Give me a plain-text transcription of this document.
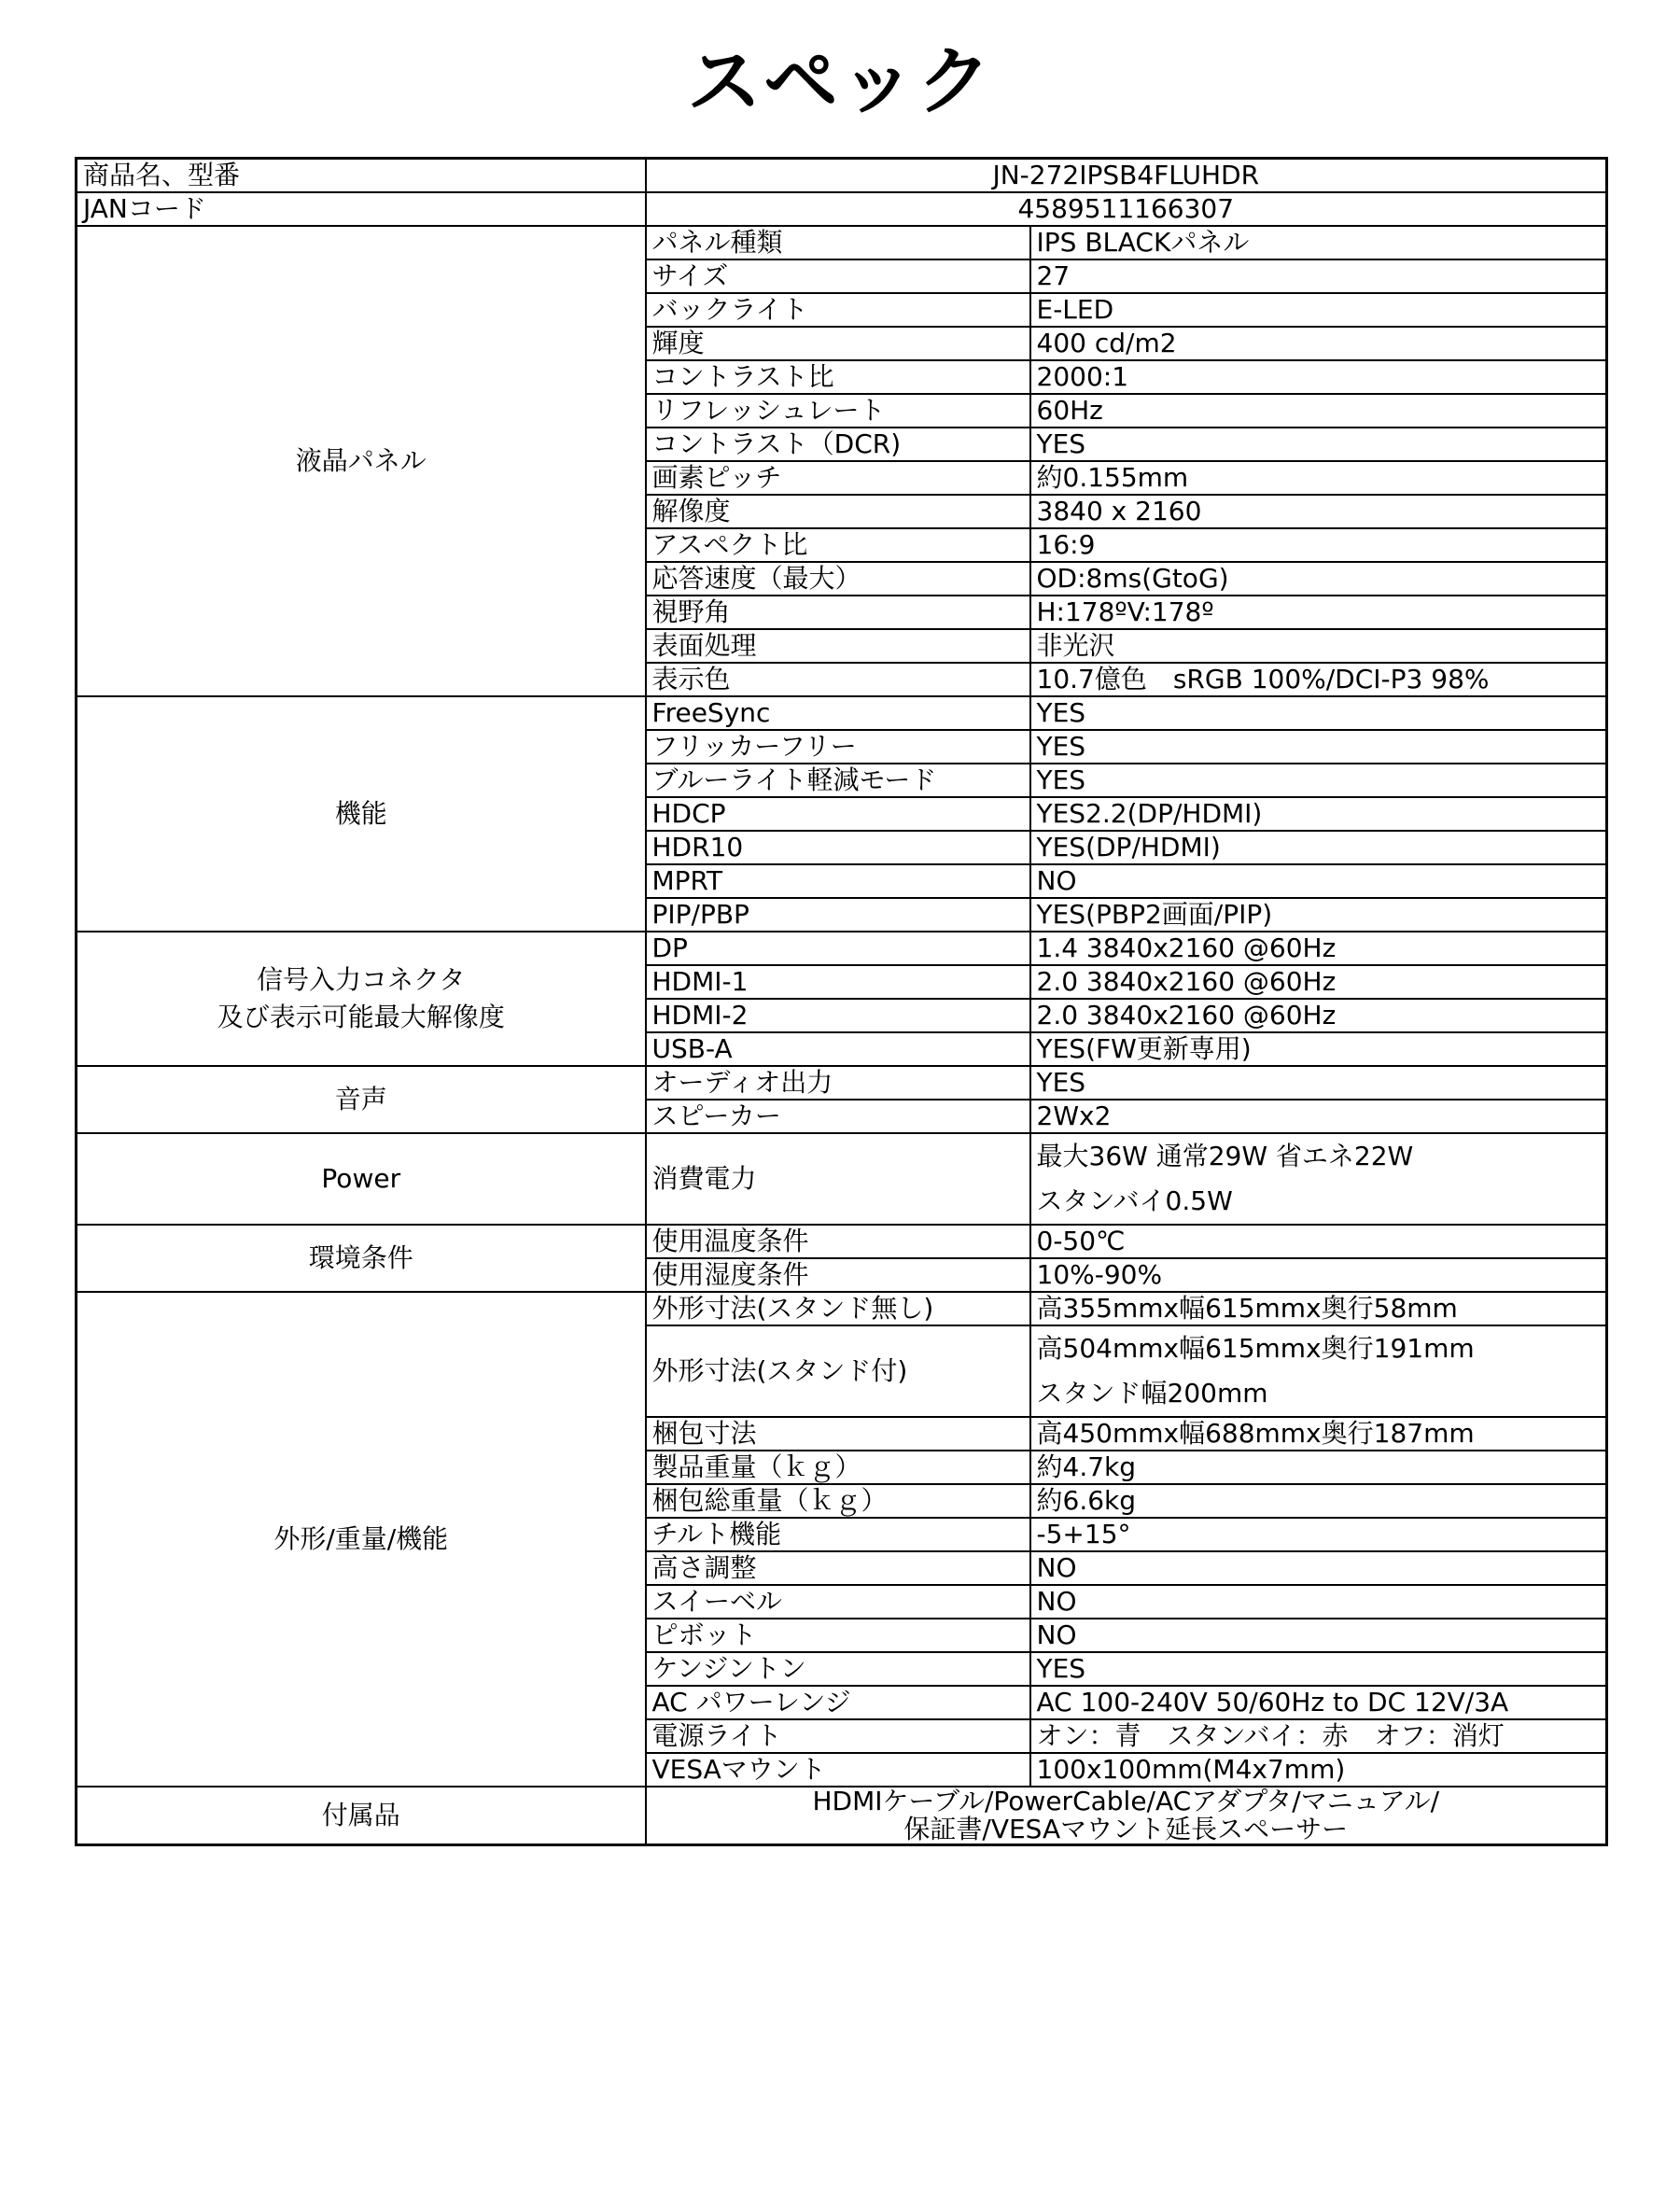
スペック
商品名、型番	JN-272IPSB4FLUHDR	
JANコード	4589511166307	

液晶パネル	パネル種類	IPS BLACKパネル
	サイズ	27
	バックライト	E-LED
	輝度	400 cd/m2
	コントラスト比	2000:1
	リフレッシュレート	60Hz
	コントラスト（DCR)	YES
	画素ピッチ	約0.155mm
	解像度	3840 x 2160
	アスペクト比	16:9
	応答速度（最大）	OD:8ms(GtoG)
	視野角	H:178ºV:178º
	表面処理	非光沢
	表示色	10.7億色　sRGB 100%/DCI-P3 98%

機能	FreeSync	YES
	フリッカーフリー	YES
	ブルーライト軽減モード	YES
	HDCP	YES2.2(DP/HDMI)
	HDR10	YES(DP/HDMI)
	MPRT	NO
	PIP/PBP	YES(PBP2画面/PIP)

信号入力コネクタ
及び表示可能最大解像度	DP	1.4 3840x2160 @60Hz
	HDMI-1	2.0 3840x2160 @60Hz
	HDMI-2	2.0 3840x2160 @60Hz
	USB-A	YES(FW更新専用)

音声	オーディオ出力	YES
	スピーカー	2Wx2

Power	消費電力	最大36W 通常29W 省エネ22W
スタンバイ0.5W

環境条件	使用温度条件	0-50℃
	使用湿度条件	10%-90%

外形/重量/機能	外形寸法(スタンド無し)	高355mmx幅615mmx奥行58mm
	外形寸法(スタンド付)	高504mmx幅615mmx奥行191mm
スタンド幅200mm

	梱包寸法	高450mmx幅688mmx奥行187mm
	製品重量（ｋｇ）	約4.7kg
	梱包総重量（ｋｇ）	約6.6kg
	チルト機能	-5+15°
	高さ調整	NO
	スイーベル	NO
	ピボット	NO
	ケンジントン	YES
	AC パワーレンジ	AC 100-240V 50/60Hz to DC 12V/3A
	電源ライト	オン：青　スタンバイ：赤　オフ：消灯
	VESAマウント	100x100mm(M4x7mm)
付属品	HDMIケーブル/PowerCable/ACアダプタ/マニュアル/
保証書/VESAマウント延長スペーサー	
